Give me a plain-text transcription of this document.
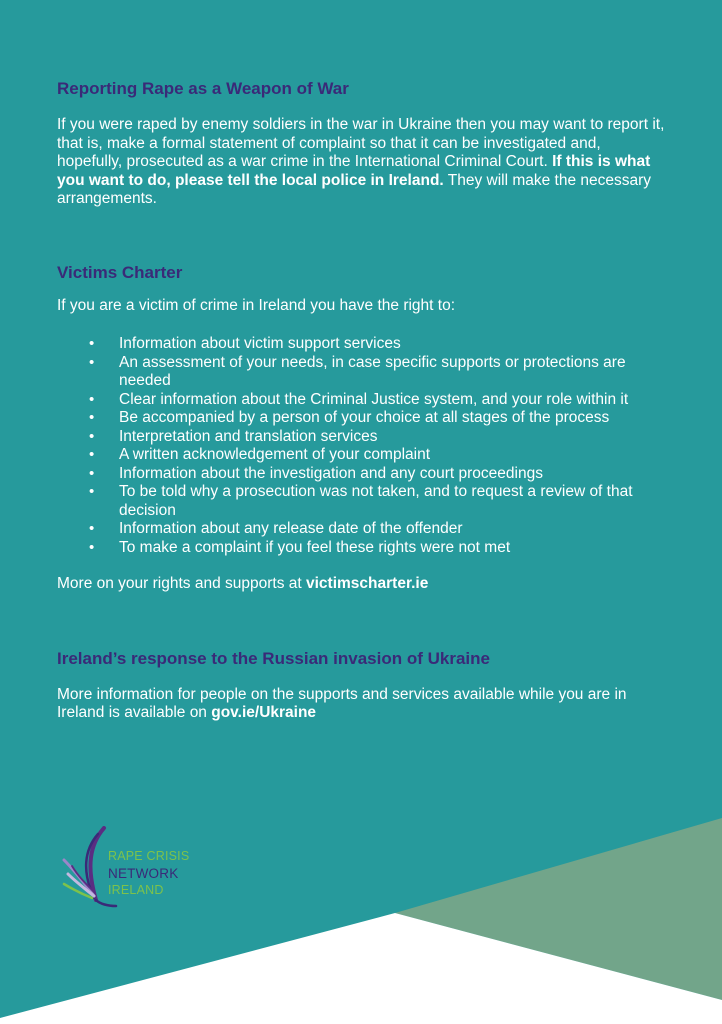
Reporting Rape as a Weapon of War

If you were raped by enemy soldiers in the war in Ukraine then you may want to report it, that is, make a formal statement of complaint so that it can be investigated and, hopefully, prosecuted as a war crime in the International Criminal Court. If this is what you want to do, please tell the local police in Ireland. They will make the necessary arrangements.

Victims Charter

If you are a victim of crime in Ireland you have the right to:

•	Information about victim support services
•	An assessment of your needs, in case specific supports or protections are needed
•	Clear information about the Criminal Justice system, and your role within it
•	Be accompanied by a person of your choice at all stages of the process
•	Interpretation and translation services
•	A written acknowledgement of your complaint
•	Information about the investigation and any court proceedings
•	To be told why a prosecution was not taken, and to request a review of that decision
•	Information about any release date of the offender
•	To make a complaint if you feel these rights were not met

More on your rights and supports at victimscharter.ie

Ireland’s response to the Russian invasion of Ukraine

More information for people on the supports and services available while you are in Ireland is available on gov.ie/Ukraine

RAPE CRISIS
NETWORK
IRELAND
